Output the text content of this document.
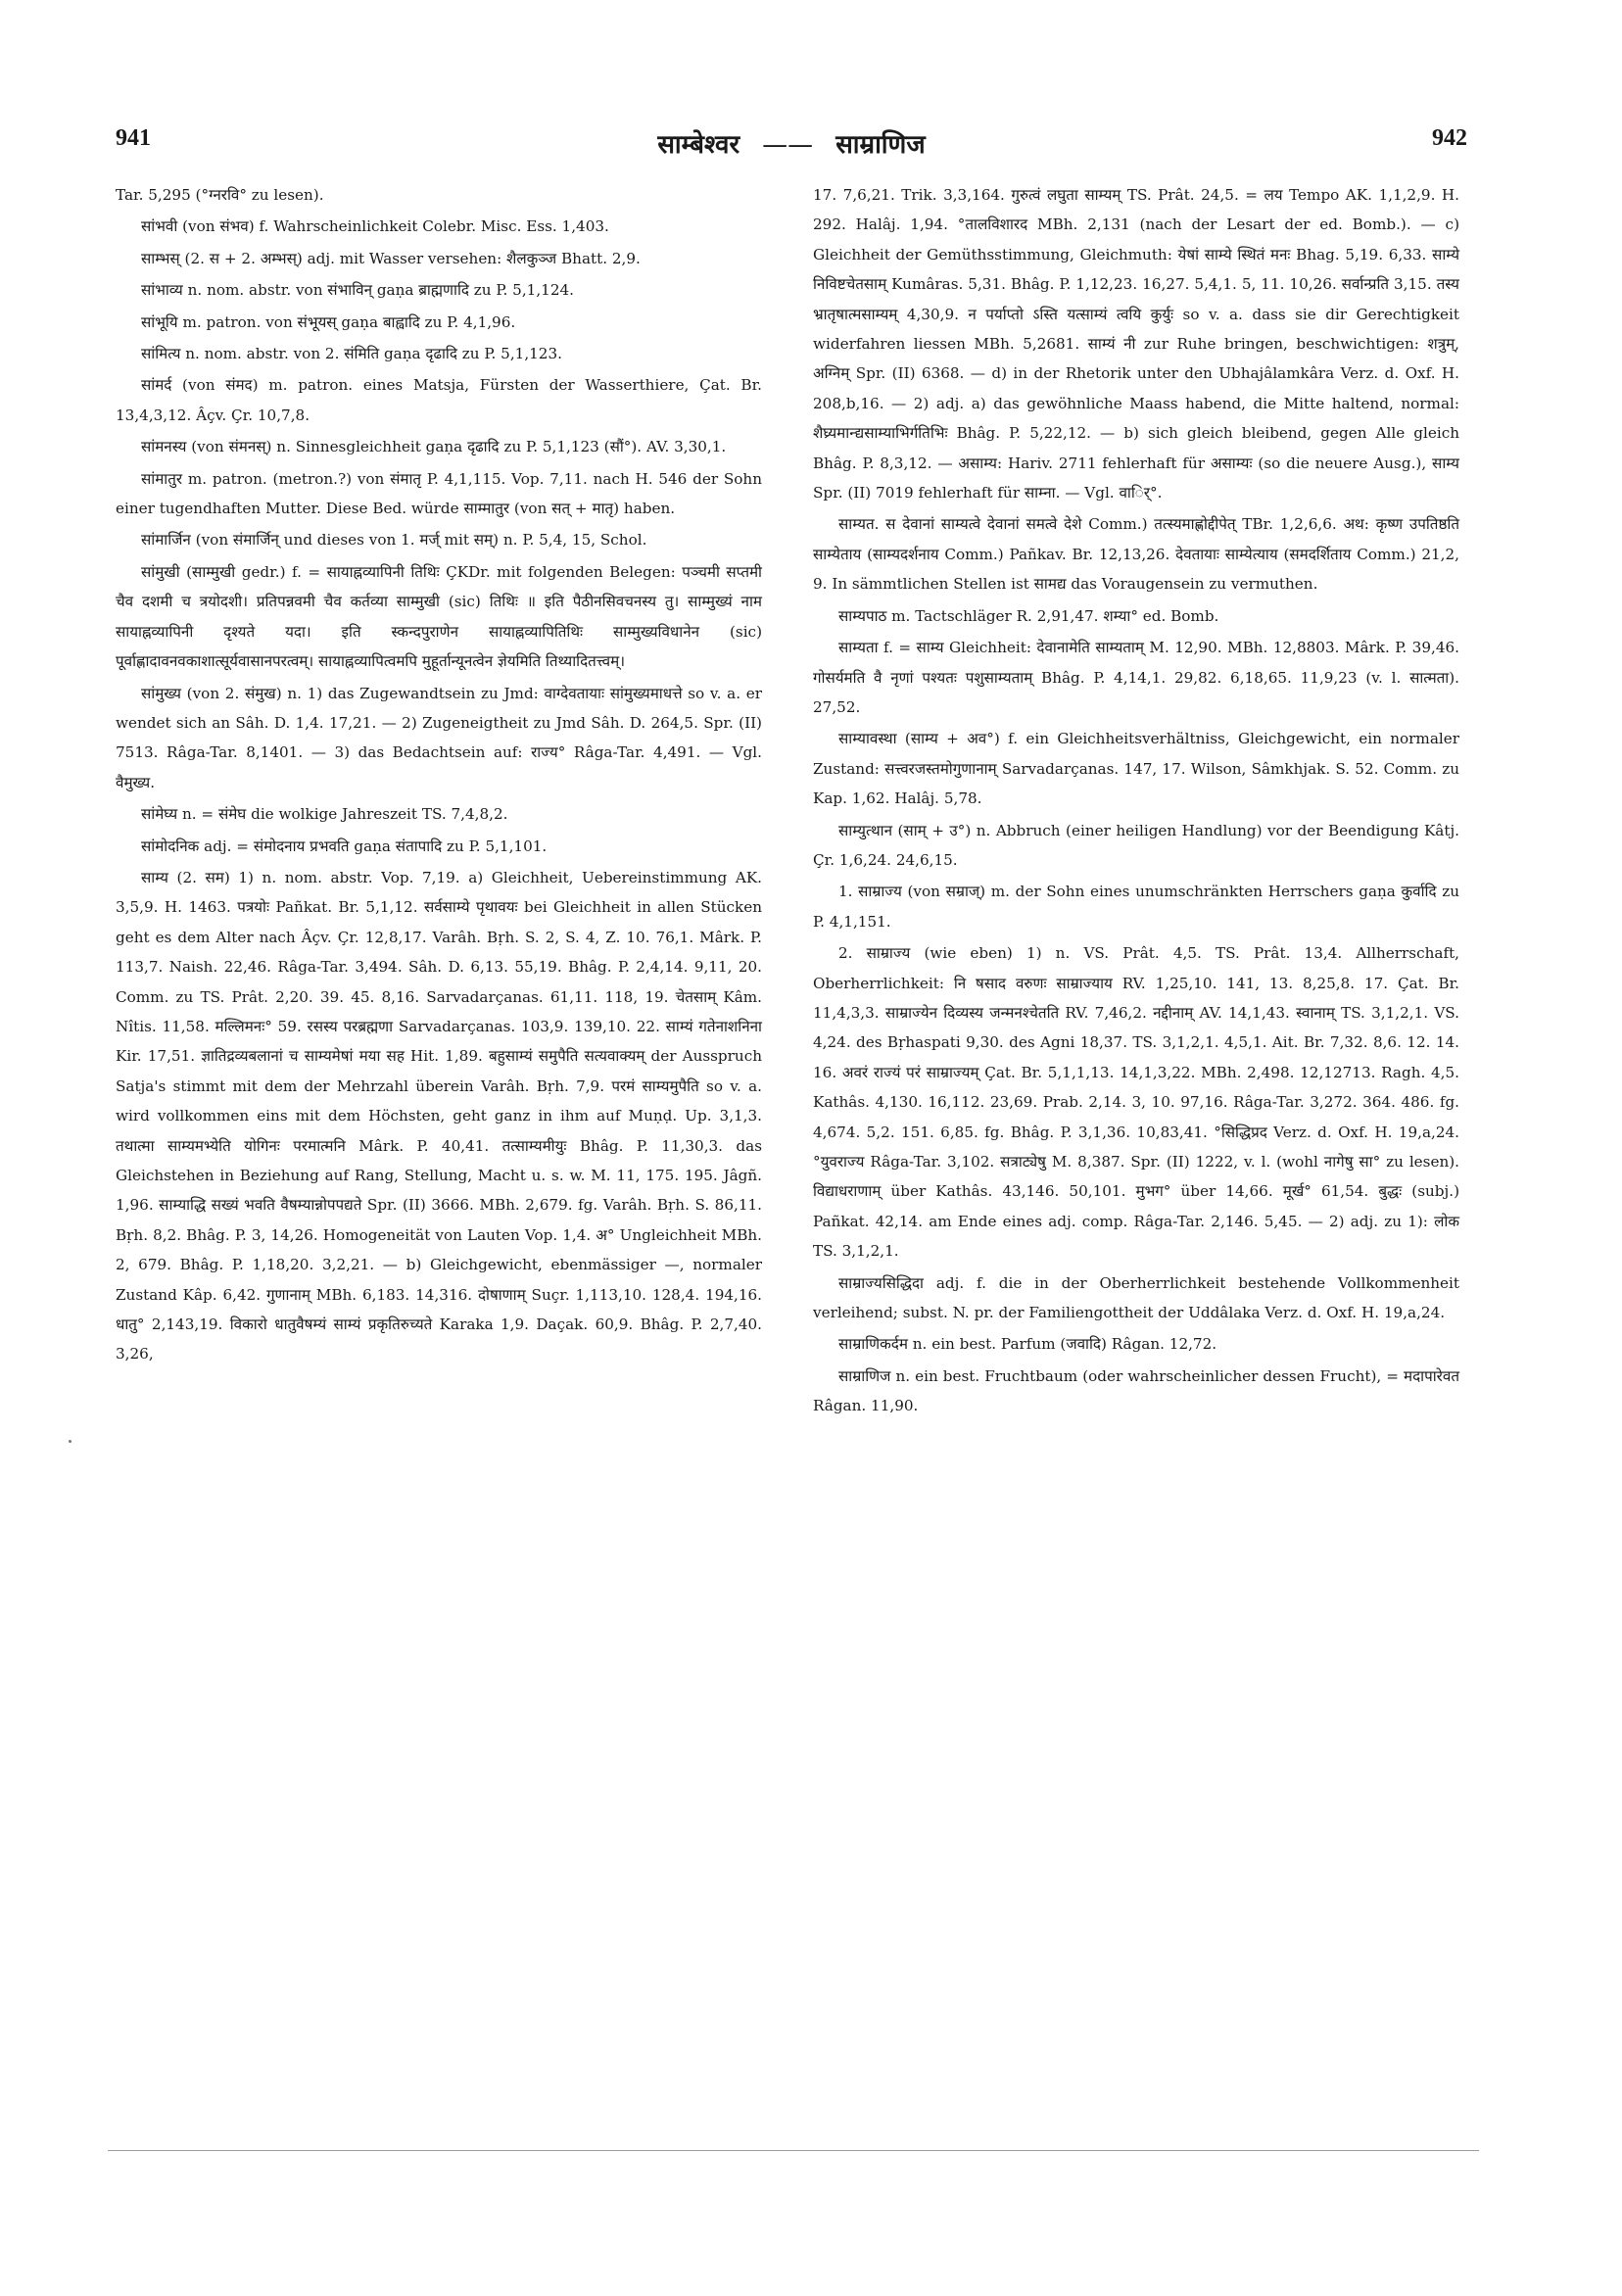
941	साम्बेश्वर —— साम्राणिज	942

Tar. 5,295 (°ग्नरवि° zu lesen).

सांभवी (von संभव) f. Wahrscheinlichkeit Colebr. Misc. Ess. 1,403.

साम्भस् (2. स + 2. अम्भस्) adj. mit Wasser versehen: शैलकुञ्ज Bhatt. 2,9.

सांभाव्य n. nom. abstr. von संभाविन् gaṇa ब्राह्मणादि zu P. 5,1,124.

सांभूयि m. patron. von संभूयस् gaṇa बाह्वादि zu P. 4,1,96.

सांमित्य n. nom. abstr. von 2. संमिति gaṇa दृढादि zu P. 5,1,123.

सांमर्द (von संमद) m. patron. eines Matsja, Fürsten der Wasserthiere, Çat. Br. 13,4,3,12. Âçv. Çr. 10,7,8.

सांमनस्य (von संमनस्) n. Sinnesgleichheit gaṇa दृढादि zu P. 5,1,123 (सौं°). AV. 3,30,1.

सांमातुर m. patron. (metron.?) von संमातृ P. 4,1,115. Vop. 7,11. nach H. 546 der Sohn einer tugendhaften Mutter. Diese Bed. würde साम्मातुर (von सत् + मातृ) haben.

सांमार्जिन (von संमार्जिन् und dieses von 1. मर्ज् mit सम्) n. P. 5,4, 15, Schol.

सांमुखी (साम्मुखी gedr.) f. = सायाह्नव्यापिनी तिथिः ÇKDr. mit folgenden Belegen: पञ्चमी सप्तमी चैव दशमी च त्रयोदशी। प्रतिपन्नवमी चैव कर्तव्या साम्मुखी (sic) तिथिः ॥ इति पैठीनसिवचनस्य तु। साम्मुख्यं नाम सायाह्नव्यापिनी दृश्यते यदा। इति स्कन्दपुराणेन सायाह्नव्यापितिथिः साम्मुख्यविधानेन (sic) पूर्वाह्णादावनवकाशात्सूर्यवासानपरत्वम्। सायाह्नव्यापित्वमपि मुहूर्तान्यूनत्वेन ज्ञेयमिति तिथ्यादितत्त्वम्।

सांमुख्य (von 2. संमुख) n. 1) das Zugewandtsein zu Jmd: वाग्देवतायाः सांमुख्यमाधत्ते so v. a. er wendet sich an Sâh. D. 1,4. 17,21. — 2) Zugeneigtheit zu Jmd Sâh. D. 264,5. Spr. (II) 7513. Râga-Tar. 8,1401. — 3) das Bedachtsein auf: राज्य° Râga-Tar. 4,491. — Vgl. वैमुख्य.

सांमेघ्य n. = संमेघ die wolkige Jahreszeit TS. 7,4,8,2.

सांमोदनिक adj. = संमोदनाय प्रभवति gaṇa संतापादि zu P. 5,1,101.

साम्य (2. सम) 1) n. nom. abstr. Vop. 7,19. a) Gleichheit, Uebereinstimmung AK. 3,5,9. H. 1463. पत्रयोः Pañkat. Br. 5,1,12. सर्वसाम्ये पृथावयः bei Gleichheit in allen Stücken geht es dem Alter nach Âçv. Çr. 12,8,17. Varâh. Bṛh. S. 2, S. 4, Z. 10. 76,1. Mârk. P. 113,7. Naish. 22,46. Râga-Tar. 3,494. Sâh. D. 6,13. 55,19. Bhâg. P. 2,4,14. 9,11, 20. Comm. zu TS. Prât. 2,20. 39. 45. 8,16. Sarvadarçanas. 61,11. 118, 19. चेतसाम् Kâm. Nîtis. 11,58. मल्लिमनः° 59. रसस्य परब्रह्मणा Sarvadarçanas. 103,9. 139,10. 22. साम्यं गतेनाशनिना Kir. 17,51. ज्ञातिद्रव्यबलानां च साम्यमेषां मया सह Hit. 1,89. बहुसाम्यं समुपैति सत्यवाक्यम् der Ausspruch Satja's stimmt mit dem der Mehrzahl überein Varâh. Bṛh. 7,9. परमं साम्यमुपैति so v. a. wird vollkommen eins mit dem Höchsten, geht ganz in ihm auf Muṇḍ. Up. 3,1,3. तथात्मा साम्यमभ्येति योगिनः परमात्मनि Mârk. P. 40,41. तत्साम्यमीयुः Bhâg. P. 11,30,3. das Gleichstehen in Beziehung auf Rang, Stellung, Macht u. s. w. M. 11, 175. 195. Jâgñ. 1,96. साम्याद्धि सख्यं भवति वैषम्यान्नोपपद्यते Spr. (II) 3666. MBh. 2,679. fg. Varâh. Bṛh. S. 86,11. Bṛh. 8,2. Bhâg. P. 3, 14,26. Homogeneität von Lauten Vop. 1,4. अ° Ungleichheit MBh. 2, 679. Bhâg. P. 1,18,20. 3,2,21. — b) Gleichgewicht, ebenmässiger —, normaler Zustand Kâp. 6,42. गुणानाम् MBh. 6,183. 14,316. दोषाणाम् Suçr. 1,113,10. 128,4. 194,16. धातु° 2,143,19. विकारो धातुवैषम्यं साम्यं प्रकृतिरुच्यते Karaka 1,9. Daçak. 60,9. Bhâg. P. 2,7,40. 3,26,

17. 7,6,21. Trik. 3,3,164. गुरुत्वं लघुता साम्यम् TS. Prât. 24,5. = लय Tempo AK. 1,1,2,9. H. 292. Halâj. 1,94. °तालविशारद MBh. 2,131 (nach der Lesart der ed. Bomb.). — c) Gleichheit der Gemüthsstimmung, Gleichmuth: येषां साम्ये स्थितं मनः Bhag. 5,19. 6,33. साम्ये निविष्टचेतसाम् Kumâras. 5,31. Bhâg. P. 1,12,23. 16,27. 5,4,1. 5, 11. 10,26. सर्वान्प्रति 3,15. तस्य भ्रातृषात्मसाम्यम् 4,30,9. न पर्याप्तो ऽस्ति यत्साम्यं त्वयि कुर्युः so v. a. dass sie dir Gerechtigkeit widerfahren liessen MBh. 5,2681. साम्यं नी zur Ruhe bringen, beschwichtigen: शत्रुम्, अग्निम् Spr. (II) 6368. — d) in der Rhetorik unter den Ubhajâlamkâra Verz. d. Oxf. H. 208,b,16. — 2) adj. a) das gewöhnliche Maass habend, die Mitte haltend, normal: शैघ्र्यमान्द्यसाम्याभिर्गतिभिः Bhâg. P. 5,22,12. — b) sich gleich bleibend, gegen Alle gleich Bhâg. P. 8,3,12. — असाम्य: Hariv. 2711 fehlerhaft für असाम्यः (so die neuere Ausg.), साम्य Spr. (II) 7019 fehlerhaft für साम्ना. — Vgl. वार्ि°.

साम्यत. स देवानां साम्यत्वे देवानां समत्वे देशे Comm.) तत्स्यमाह्णोद्दीपेत् TBr. 1,2,6,6. अथ: कृष्ण उपतिष्ठति साम्येताय (साम्यदर्शनाय Comm.) Pañkav. Br. 12,13,26. देवतायाः साम्येत्याय (समदर्शिताय Comm.) 21,2, 9. In sämmtlichen Stellen ist सामद्य das Voraugensein zu vermuthen.

साम्यपाठ m. Tactschläger R. 2,91,47. शम्या° ed. Bomb.

साम्यता f. = साम्य Gleichheit: देवानामेति साम्यताम् M. 12,90. MBh. 12,8803. Mârk. P. 39,46. गोसर्यमति वै नृणां पश्यतः पशुसाम्यताम् Bhâg. P. 4,14,1. 29,82. 6,18,65. 11,9,23 (v. l. सात्मता). 27,52.

साम्यावस्था (साम्य + अव°) f. ein Gleichheitsverhältniss, Gleichgewicht, ein normaler Zustand: सत्त्वरजस्तमोगुणानाम् Sarvadarçanas. 147, 17. Wilson, Sâmkhjak. S. 52. Comm. zu Kap. 1,62. Halâj. 5,78.

साम्युत्थान (साम् + उ°) n. Abbruch (einer heiligen Handlung) vor der Beendigung Kâtj. Çr. 1,6,24. 24,6,15.

1. साम्राज्य (von सम्राज्) m. der Sohn eines unumschränkten Herrschers gaṇa कुर्वादि zu P. 4,1,151.

2. साम्राज्य (wie eben) 1) n. VS. Prât. 4,5. TS. Prât. 13,4. Allherrschaft, Oberherrlichkeit: नि षसाद वरुणः साम्राज्याय RV. 1,25,10. 141, 13. 8,25,8. 17. Çat. Br. 11,4,3,3. साम्राज्येन दिव्यस्य जन्मनश्चेतति RV. 7,46,2. नद्दीनाम् AV. 14,1,43. स्वानाम् TS. 3,1,2,1. VS. 4,24. des Bṛhaspati 9,30. des Agni 18,37. TS. 3,1,2,1. 4,5,1. Ait. Br. 7,32. 8,6. 12. 14. 16. अवरं राज्यं परं साम्राज्यम् Çat. Br. 5,1,1,13. 14,1,3,22. MBh. 2,498. 12,12713. Ragh. 4,5. Kathâs. 4,130. 16,112. 23,69. Prab. 2,14. 3, 10. 97,16. Râga-Tar. 3,272. 364. 486. fg. 4,674. 5,2. 151. 6,85. fg. Bhâg. P. 3,1,36. 10,83,41. °सिद्धिप्रद Verz. d. Oxf. H. 19,a,24. °युवराज्य Râga-Tar. 3,102. सत्राट्येषु M. 8,387. Spr. (II) 1222, v. l. (wohl नागेषु सा° zu lesen). विद्याधराणाम् über Kathâs. 43,146. 50,101. मुभग° über 14,66. मूर्ख° 61,54. बुद्धः (subj.) Pañkat. 42,14. am Ende eines adj. comp. Râga-Tar. 2,146. 5,45. — 2) adj. zu 1): लोक TS. 3,1,2,1.

साम्राज्यसिद्धिदा adj. f. die in der Oberherrlichkeit bestehende Vollkommenheit verleihend; subst. N. pr. der Familiengottheit der Uddâlaka Verz. d. Oxf. H. 19,a,24.

साम्राणिकर्दम n. ein best. Parfum (जवादि) Râgan. 12,72.

साम्राणिज n. ein best. Fruchtbaum (oder wahrscheinlicher dessen Frucht), = मदापारेवत Râgan. 11,90.
